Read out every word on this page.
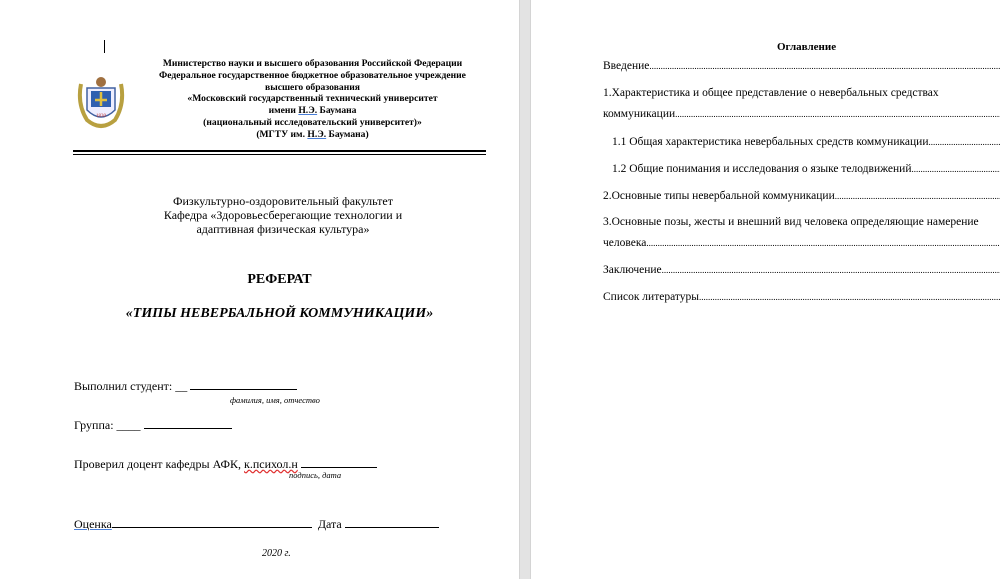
1830
Министерство науки и высшего образования Российской Федерации
Федеральное государственное бюджетное образовательное учреждение
высшего образования
«Московский государственный технический университет
имени Н.Э. Баумана
(национальный исследовательский университет)»
(МГТУ им. Н.Э. Баумана)
Физкультурно-оздоровительный факультет
Кафедра «Здоровьесберегающие технологии и
адаптивная физическая культура»
РЕФЕРАТ
«ТИПЫ НЕВЕРБАЛЬНОЙ КОММУНИКАЦИИ»
Выполнил студент: __
фамилия, имя, отчество
Группа: ____
Проверил доцент кафедры АФК, к.психол.н
подпись, дата
Оценка	Дата
2020 г.
Оглавление
Введение
.....
1.Характеристика и общее представление о невербальных средствах
коммуникации
.....
1.1 Общая характеристика невербальных средств коммуникации
.....
1.2 Общие понимания и исследования о языке телодвижений
.....
2.Основные типы невербальной коммуникации
.....
3.Основные позы, жесты и внешний вид человека определяющие намерение
человека
.....
Заключение
.....
Список литературы
.....
